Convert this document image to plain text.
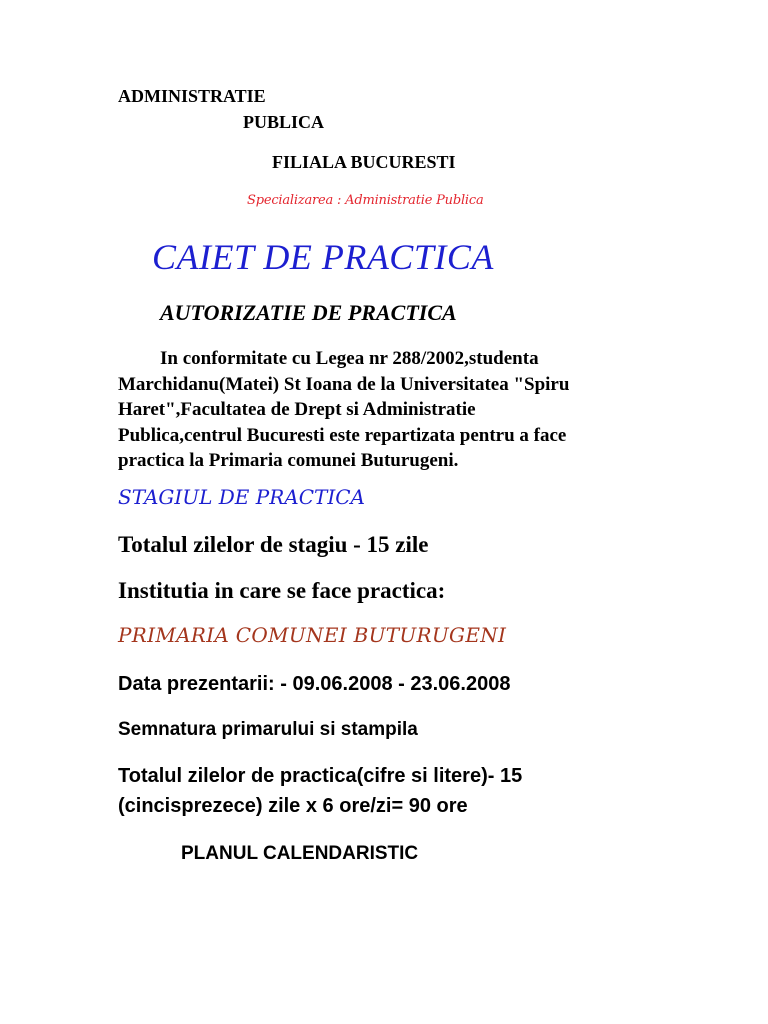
ADMINISTRATIE
PUBLICA
FILIALA BUCURESTI
Specializarea : Administratie Publica
CAIET DE PRACTICA
AUTORIZATIE DE PRACTICA
In conformitate cu Legea nr 288/2002,studenta
Marchidanu(Matei) St Ioana de la Universitatea "Spiru
Haret",Facultatea de Drept si Administratie
Publica,centrul Bucuresti este repartizata pentru a face
practica la Primaria comunei Buturugeni.
STAGIUL DE PRACTICA
Totalul zilelor de stagiu - 15 zile
Institutia in care se face practica:
PRIMARIA COMUNEI BUTURUGENI
Data prezentarii: - 09.06.2008 - 23.06.2008
Semnatura primarului si stampila
Totalul zilelor de practica(cifre si litere)- 15
(cincisprezece) zile x 6 ore/zi= 90 ore
PLANUL CALENDARISTIC
